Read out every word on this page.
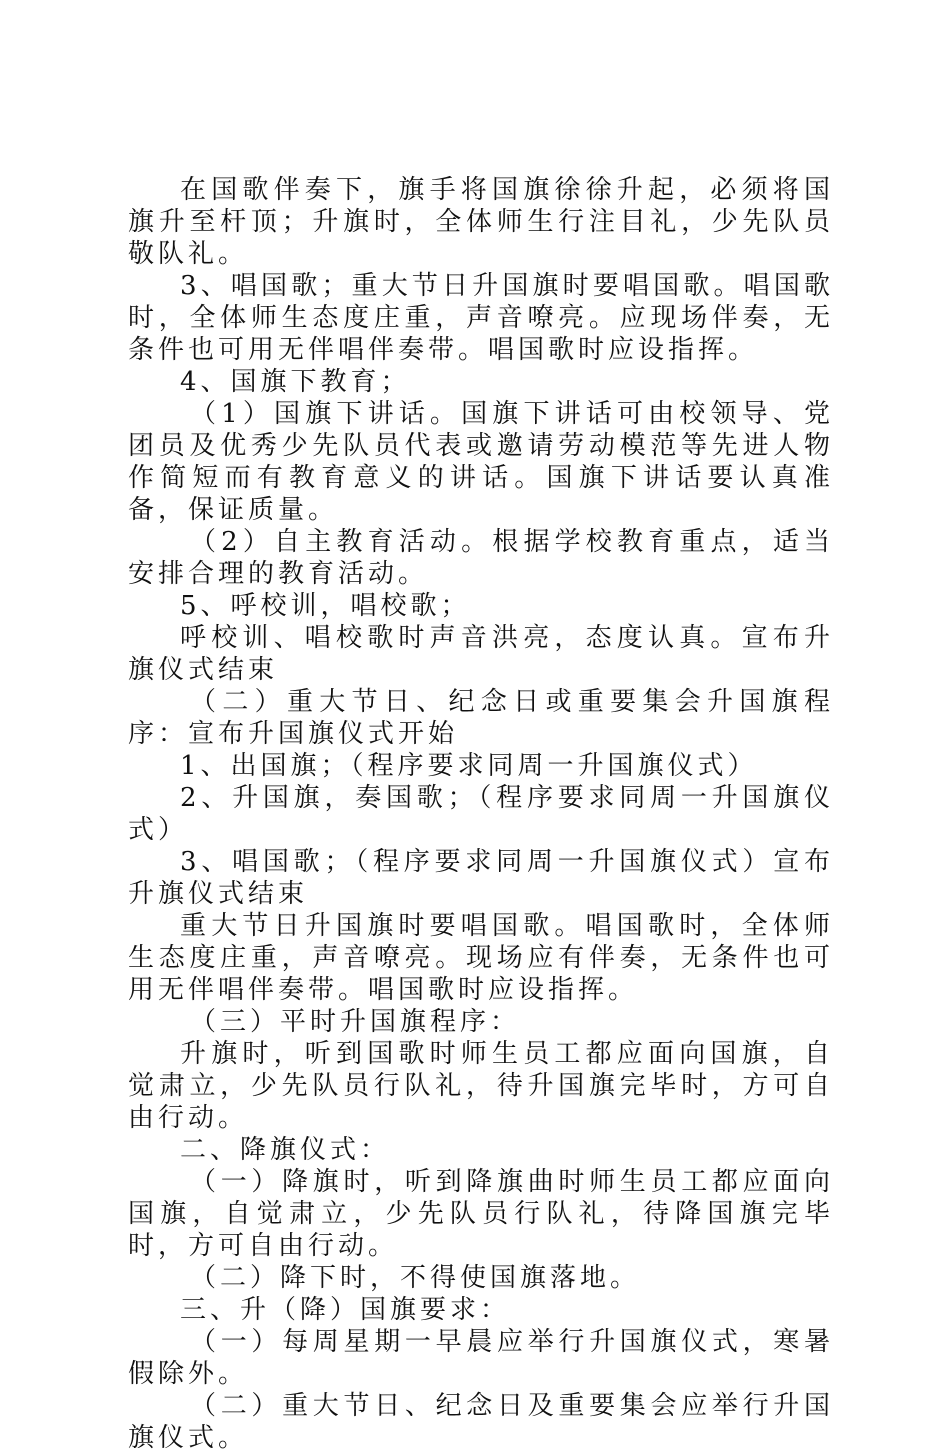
在国歌伴奏下，旗手将国旗徐徐升起，必须将国旗升至杆顶；升旗时，全体师生行注目礼，少先队员敬队礼。

3、唱国歌；重大节日升国旗时要唱国歌。唱国歌时，全体师生态度庄重，声音嘹亮。应现场伴奏，无条件也可用无伴唱伴奏带。唱国歌时应设指挥。

4、国旗下教育；

（1）国旗下讲话。国旗下讲话可由校领导、党团员及优秀少先队员代表或邀请劳动模范等先进人物作简短而有教育意义的讲话。国旗下讲话要认真准备，保证质量。

（2）自主教育活动。根据学校教育重点，适当安排合理的教育活动。

5、呼校训，唱校歌；

呼校训、唱校歌时声音洪亮，态度认真。宣布升旗仪式结束

（二）重大节日、纪念日或重要集会升国旗程序：宣布升国旗仪式开始

1、出国旗；（程序要求同周一升国旗仪式）

2、升国旗，奏国歌；（程序要求同周一升国旗仪式）

3、唱国歌；（程序要求同周一升国旗仪式）宣布升旗仪式结束

重大节日升国旗时要唱国歌。唱国歌时，全体师生态度庄重，声音嘹亮。现场应有伴奏，无条件也可用无伴唱伴奏带。唱国歌时应设指挥。

（三）平时升国旗程序：

升旗时，听到国歌时师生员工都应面向国旗，自觉肃立，少先队员行队礼，待升国旗完毕时，方可自由行动。

二、降旗仪式：

（一）降旗时，听到降旗曲时师生员工都应面向国旗，自觉肃立，少先队员行队礼，待降国旗完毕时，方可自由行动。

（二）降下时，不得使国旗落地。

三、升（降）国旗要求：

（一）每周星期一早晨应举行升国旗仪式，寒暑假除外。

（二）重大节日、纪念日及重要集会应举行升国旗仪式。
